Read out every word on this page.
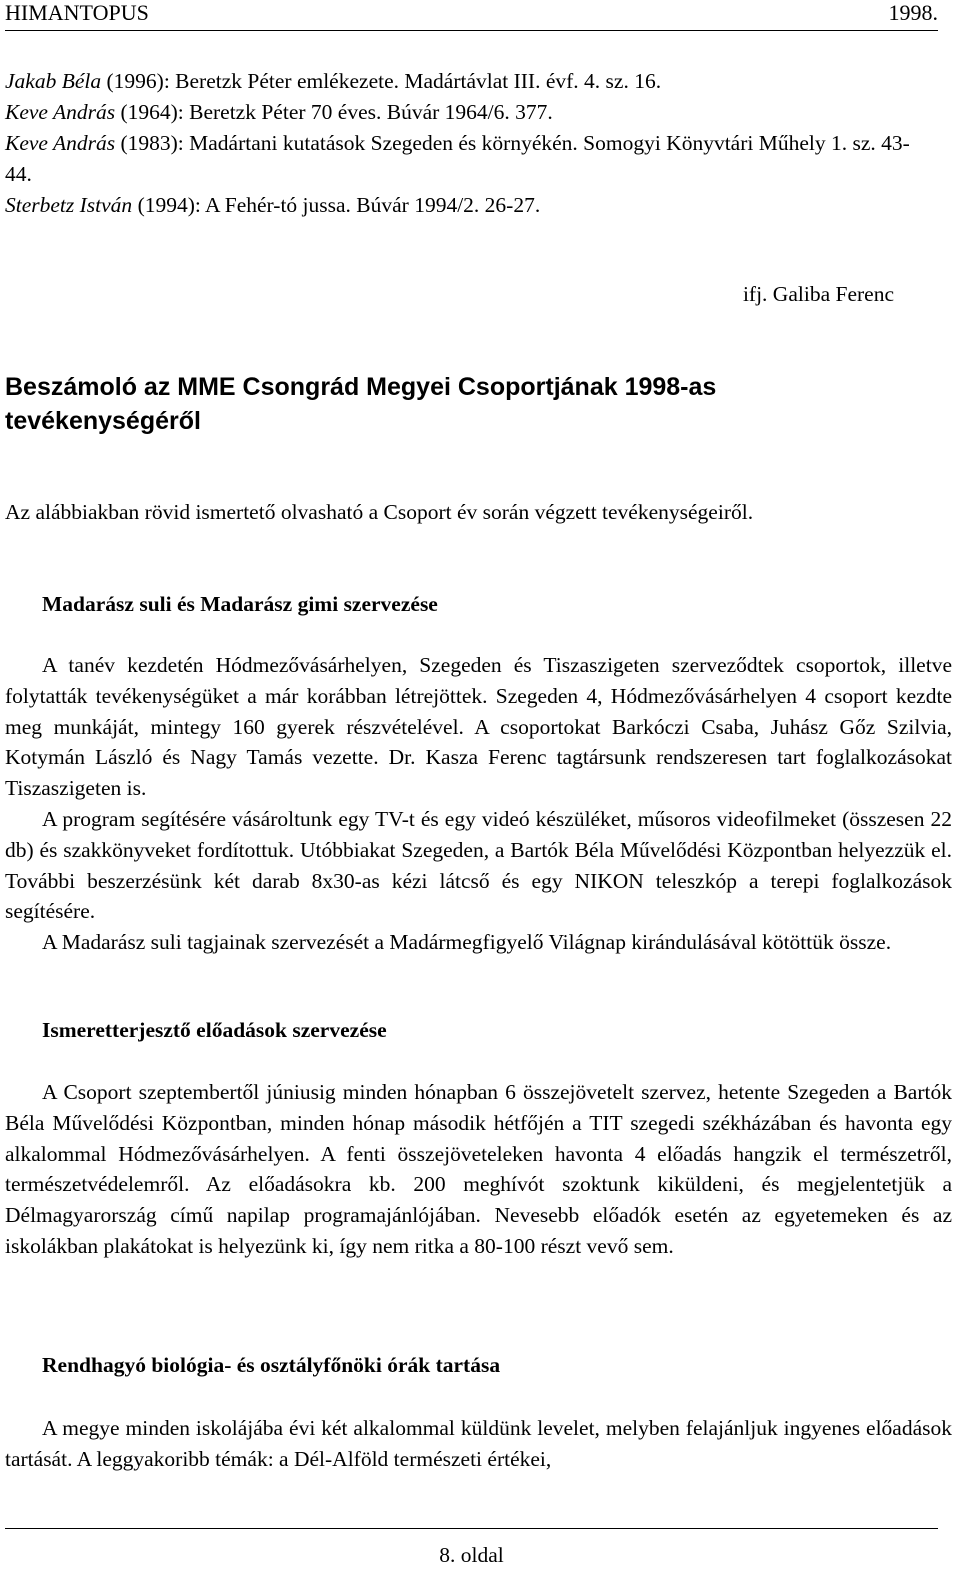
HIMANTOPUS	1998.

Jakab Béla (1996): Beretzk Péter emlékezete. Madártávlat III. évf. 4. sz. 16.

Keve András (1964): Beretzk Péter 70 éves. Búvár 1964/6. 377.

Keve András (1983): Madártani kutatások Szegeden és környékén. Somogyi Könyvtári Műhely 1. sz. 43-44.

Sterbetz István (1994): A Fehér-tó jussa. Búvár 1994/2. 26-27.

ifj. Galiba Ferenc
Beszámoló az MME Csongrád Megyei Csoportjának 1998-as tevékenységéről
Az alábbiakban rövid ismertető olvasható a Csoport év során végzett tevékenységeiről.
Madarász suli és Madarász gimi szervezése

A tanév kezdetén Hódmezővásárhelyen, Szegeden és Tiszaszigeten szerveződtek csoportok, illetve folytatták tevékenységüket a már korábban létrejöttek. Szegeden 4, Hódmezővásárhelyen 4 csoport kezdte meg munkáját, mintegy 160 gyerek részvételével. A csoportokat Barkóczi Csaba, Juhász Gőz Szilvia, Kotymán László és Nagy Tamás vezette. Dr. Kasza Ferenc tagtársunk rendszeresen tart foglalkozásokat Tiszaszigeten is.

A program segítésére vásároltunk egy TV-t és egy videó készüléket, műsoros videofilmeket (összesen 22 db) és szakkönyveket fordítottuk. Utóbbiakat Szegeden, a Bartók Béla Művelődési Központban helyezzük el. További beszerzésünk két darab 8x30-as kézi látcső és egy NIKON teleszkóp a terepi foglalkozások segítésére.

A Madarász suli tagjainak szervezését a Madármegfigyelő Világnap kirándulásával kötöttük össze.

Ismeretterjesztő előadások szervezése

A Csoport szeptembertől júniusig minden hónapban 6 összejövetelt szervez, hetente Szegeden a Bartók Béla Művelődési Központban, minden hónap második hétfőjén a TIT szegedi székházában és havonta egy alkalommal Hódmezővásárhelyen. A fenti összejöveteleken havonta 4 előadás hangzik el természetről, természetvédelemről. Az előadásokra kb. 200 meghívót szoktunk kiküldeni, és megjelentetjük a Délmagyarország című napilap programajánlójában. Nevesebb előadók esetén az egyetemeken és az iskolákban plakátokat is helyezünk ki, így nem ritka a 80-100 részt vevő sem.

Rendhagyó biológia- és osztályfőnöki órák tartása

A megye minden iskolájába évi két alkalommal küldünk levelet, melyben felajánljuk ingyenes előadások tartását. A leggyakoribb témák: a Dél-Alföld természeti értékei,

8. oldal
